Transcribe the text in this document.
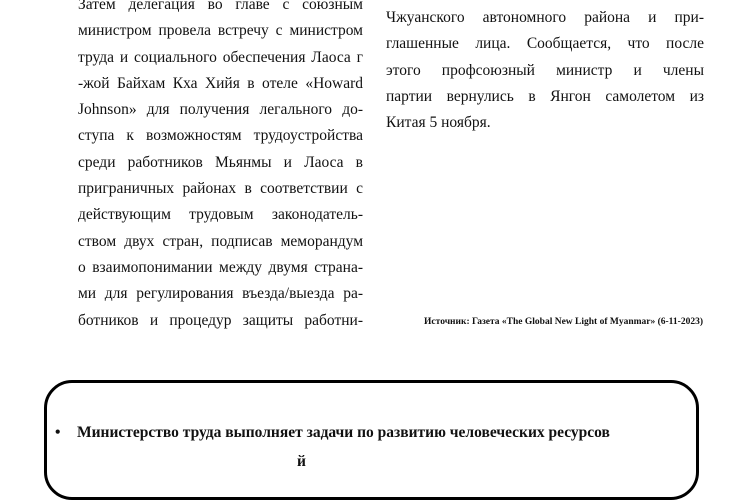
Затем делегация во главе с союзным
министром провела встречу с министром
труда и социального обеспечения Лаоса г
-жой Байхам Кха Хийя в отеле «Howard
Johnson» для получения легального до-
ступа к возможностям трудоустройства
среди работников Мьянмы и Лаоса в
приграничных районах в соответствии с
действующим трудовым законодатель-
ством двух стран, подписав меморандум
о взаимопонимании между двумя страна-
ми для регулирования въезда/выезда ра-
ботников и процедур защиты работни-
Чжуанского автономного района и при-
глашенные лица. Сообщается, что после
этого профсоюзный министр и члены
партии вернулись в Янгон самолетом из
Китая 5 ноября.
Источник: Газета «The Global New Light of Myanmar» (6-11-2023)
• Министерство труда выполняет задачи по развитию человеческих ресурсов
й
